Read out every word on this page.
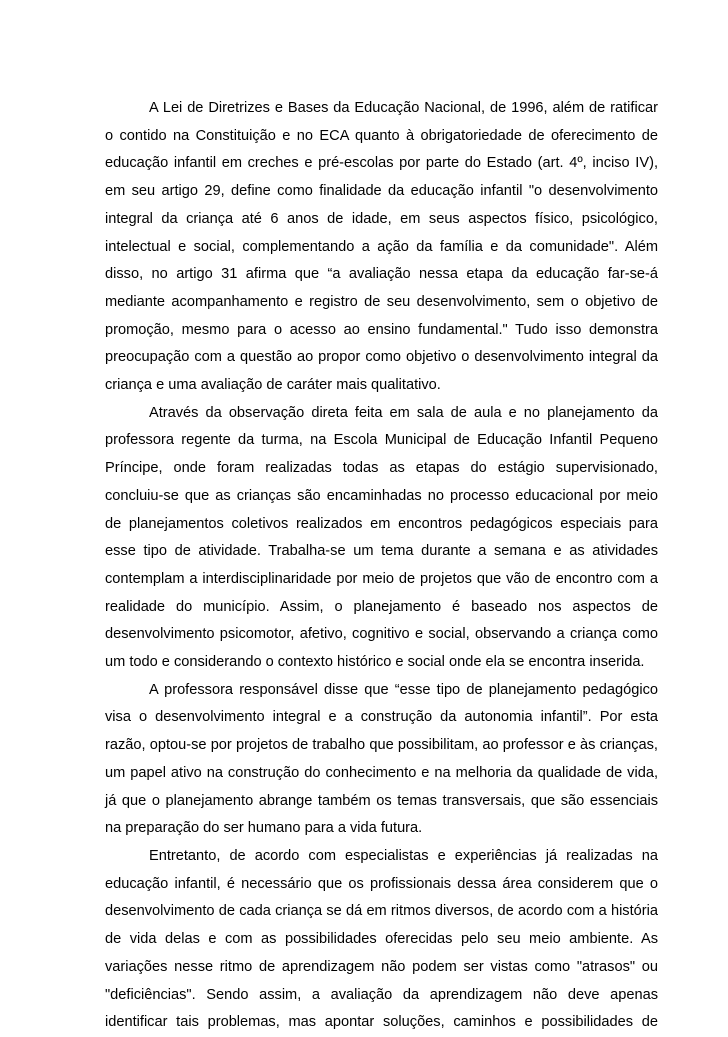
A Lei de Diretrizes e Bases da Educação Nacional, de 1996, além de ratificar o contido na Constituição e no ECA quanto à obrigatoriedade de oferecimento de educação infantil em creches e pré-escolas por parte do Estado (art. 4º, inciso IV), em seu artigo 29, define como finalidade da educação infantil "o desenvolvimento integral da criança até 6 anos de idade, em seus aspectos físico, psicológico, intelectual e social, complementando a ação da família e da comunidade". Além disso, no artigo 31 afirma que “a avaliação nessa etapa da educação far-se-á mediante acompanhamento e registro de seu desenvolvimento, sem o objetivo de promoção, mesmo para o acesso ao ensino fundamental." Tudo isso demonstra preocupação com a questão ao propor como objetivo o desenvolvimento integral da criança e uma avaliação de caráter mais qualitativo.

Através da observação direta feita em sala de aula e no planejamento da professora regente da turma, na Escola Municipal de Educação Infantil Pequeno Príncipe, onde foram realizadas todas as etapas do estágio supervisionado, concluiu-se que as crianças são encaminhadas no processo educacional por meio de planejamentos coletivos realizados em encontros pedagógicos especiais para esse tipo de atividade. Trabalha-se um tema durante a semana e as atividades contemplam a interdisciplinaridade por meio de projetos que vão de encontro com a realidade do município. Assim, o planejamento é baseado nos aspectos de desenvolvimento psicomotor, afetivo, cognitivo e social, observando a criança como um todo e considerando o contexto histórico e social onde ela se encontra inserida.

A professora responsável disse que “esse tipo de planejamento pedagógico visa o desenvolvimento integral e a construção da autonomia infantil”. Por esta razão, optou-se por projetos de trabalho que possibilitam, ao professor e às crianças, um papel ativo na construção do conhecimento e na melhoria da qualidade de vida, já que o planejamento abrange também os temas transversais, que são essenciais na preparação do ser humano para a vida futura.

Entretanto, de acordo com especialistas e experiências já realizadas na educação infantil, é necessário que os profissionais dessa área considerem que o desenvolvimento de cada criança se dá em ritmos diversos, de acordo com a história de vida delas e com as possibilidades oferecidas pelo seu meio ambiente. As variações nesse ritmo de aprendizagem não podem ser vistas como "atrasos" ou "deficiências". Sendo assim, a avaliação da aprendizagem não deve apenas identificar tais problemas, mas apontar soluções, caminhos e possibilidades de
